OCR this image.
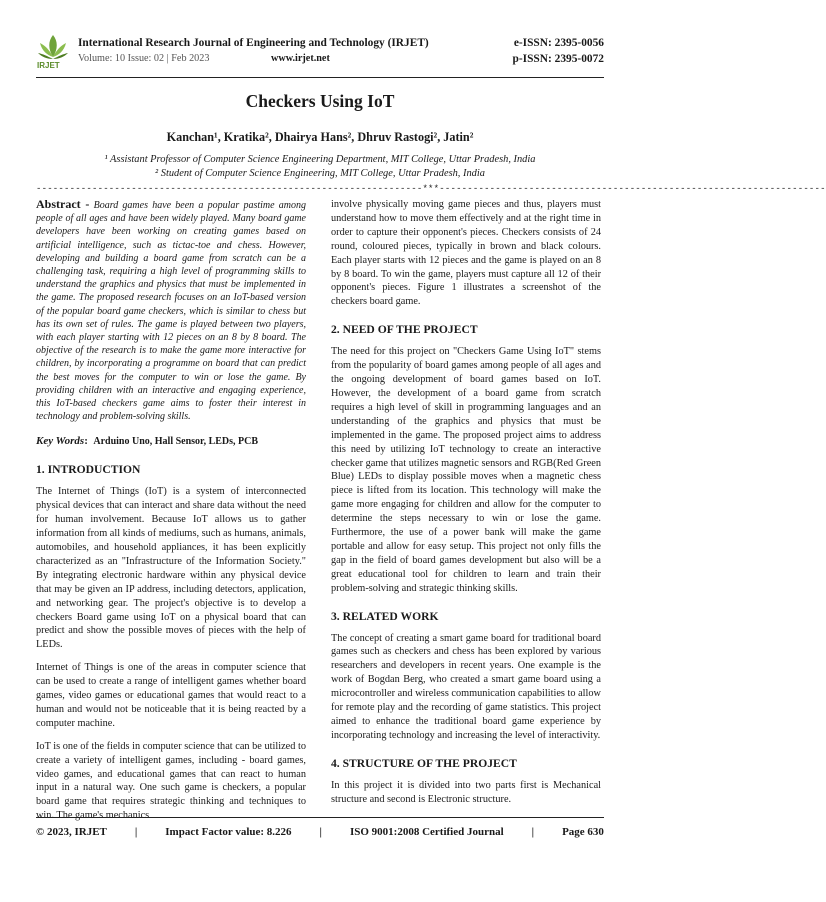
IRJET
International Research Journal of Engineering and Technology (IRJET)	e-ISSN: 2395-0056
Volume: 10 Issue: 02 | Feb 2023	www.irjet.net	p-ISSN: 2395-0072
Checkers Using IoT
Kanchan¹, Kratika², Dhairya Hans², Dhruv Rastogi², Jatin²
¹ Assistant Professor of Computer Science Engineering Department, MIT College, Uttar Pradesh, India
² Student of Computer Science Engineering, MIT College, Uttar Pradesh, India
---------------------------------------------------------------------***---------------------------------------------------------------------

Abstract - Board games have been a popular pastime among people of all ages and have been widely played. Many board game developers have been working on creating games based on artificial intelligence, such as tictac-toe and chess. However, developing and building a board game from scratch can be a challenging task, requiring a high level of programming skills to understand the graphics and physics that must be implemented in the game. The proposed research focuses on an IoT-based version of the popular board game checkers, which is similar to chess but has its own set of rules. The game is played between two players, with each player starting with 12 pieces on an 8 by 8 board. The objective of the research is to make the game more interactive for children, by incorporating a programme on board that can predict the best moves for the computer to win or lose the game. By providing children with an interactive and engaging experience, this IoT-based checkers game aims to foster their interest in technology and problem-solving skills.

Key Words: Arduino Uno, Hall Sensor, LEDs, PCB

1. INTRODUCTION

The Internet of Things (IoT) is a system of interconnected physical devices that can interact and share data without the need for human involvement. Because IoT allows us to gather information from all kinds of mediums, such as humans, animals, automobiles, and household appliances, it has been explicitly characterized as an "Infrastructure of the Information Society." By integrating electronic hardware within any physical device that may be given an IP address, including detectors, application, and networking gear. The project's objective is to develop a checkers Board game using IoT on a physical board that can predict and show the possible moves of pieces with the help of LEDs.

Internet of Things is one of the areas in computer science that can be used to create a range of intelligent games whether board games, video games or educational games that would react to a human and would not be noticeable that it is being reacted by a computer machine.

IoT is one of the fields in computer science that can be utilized to create a variety of intelligent games, including - board games, video games, and educational games that can react to human input in a natural way. One such game is checkers, a popular board game that requires strategic thinking and techniques to win. The game's mechanics

involve physically moving game pieces and thus, players must understand how to move them effectively and at the right time in order to capture their opponent's pieces. Checkers consists of 24 round, coloured pieces, typically in brown and black colours. Each player starts with 12 pieces and the game is played on an 8 by 8 board. To win the game, players must capture all 12 of their opponent's pieces. Figure 1 illustrates a screenshot of the checkers board game.

2. NEED OF THE PROJECT

The need for this project on "Checkers Game Using IoT" stems from the popularity of board games among people of all ages and the ongoing development of board games based on IoT. However, the development of a board game from scratch requires a high level of skill in programming languages and an understanding of the graphics and physics that must be implemented in the game. The proposed project aims to address this need by utilizing IoT technology to create an interactive checker game that utilizes magnetic sensors and RGB(Red Green Blue) LEDs to display possible moves when a magnetic chess piece is lifted from its location. This technology will make the game more engaging for children and allow for the computer to determine the steps necessary to win or lose the game. Furthermore, the use of a power bank will make the game portable and allow for easy setup. This project not only fills the gap in the field of board games development but also will be a great educational tool for children to learn and train their problem-solving and strategic thinking skills.

3. RELATED WORK

The concept of creating a smart game board for traditional board games such as checkers and chess has been explored by various researchers and developers in recent years. One example is the work of Bogdan Berg, who created a smart game board using a microcontroller and wireless communication capabilities to allow for remote play and the recording of game statistics. This project aimed to enhance the traditional board game experience by incorporating technology and increasing the level of interactivity.

4. STRUCTURE OF THE PROJECT

In this project it is divided into two parts first is Mechanical structure and second is Electronic structure.

© 2023, IRJET	|	Impact Factor value: 8.226	|	ISO 9001:2008 Certified Journal	|	Page 630
